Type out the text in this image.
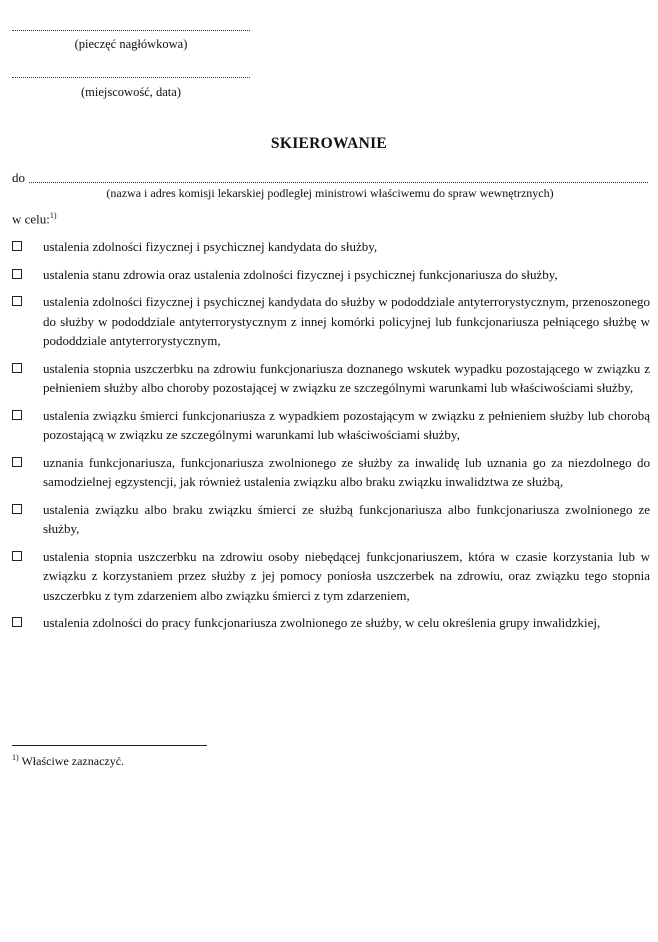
(pieczęć nagłówkowa)
(miejscowość, data)
SKIEROWANIE
do
(nazwa i adres komisji lekarskiej podległej ministrowi właściwemu do spraw wewnętrznych)
w celu:$^{1)}$
ustalenia zdolności fizycznej i psychicznej kandydata do służby,
ustalenia stanu zdrowia oraz ustalenia zdolności fizycznej i psychicznej funkcjonariusza do służby,
ustalenia zdolności fizycznej i psychicznej kandydata do służby w pododdziale antyterrorystycznym, przenoszonego do służby w pododdziale antyterrorystycznym z innej komórki policyjnej lub funkcjonariusza pełniącego służbę w pododdziale antyterrorystycznym,
ustalenia stopnia uszczerbku na zdrowiu funkcjonariusza doznanego wskutek wypadku pozostającego w związku z pełnieniem służby albo choroby pozostającej w związku ze szczególnymi warunkami lub właściwościami służby,
ustalenia związku śmierci funkcjonariusza z wypadkiem pozostającym w związku z pełnieniem służby lub chorobą pozostającą w związku ze szczególnymi warunkami lub właściwościami służby,
uznania funkcjonariusza, funkcjonariusza zwolnionego ze służby za inwalidę lub uznania go za niezdolnego do samodzielnej egzystencji, jak również ustalenia związku albo braku związku inwalidztwa ze służbą,
ustalenia związku albo braku związku śmierci ze służbą funkcjonariusza albo funkcjonariusza zwolnionego ze służby,
ustalenia stopnia uszczerbku na zdrowiu osoby niebędącej funkcjonariuszem, która w czasie korzystania lub w związku z korzystaniem przez służby z jej pomocy poniosła uszczerbek na zdrowiu, oraz związku tego stopnia uszczerbku z tym zdarzeniem albo związku śmierci z tym zdarzeniem,
ustalenia zdolności do pracy funkcjonariusza zwolnionego ze służby, w celu określenia grupy inwalidzkiej,
$^{1)}$ Właściwe zaznaczyć.
